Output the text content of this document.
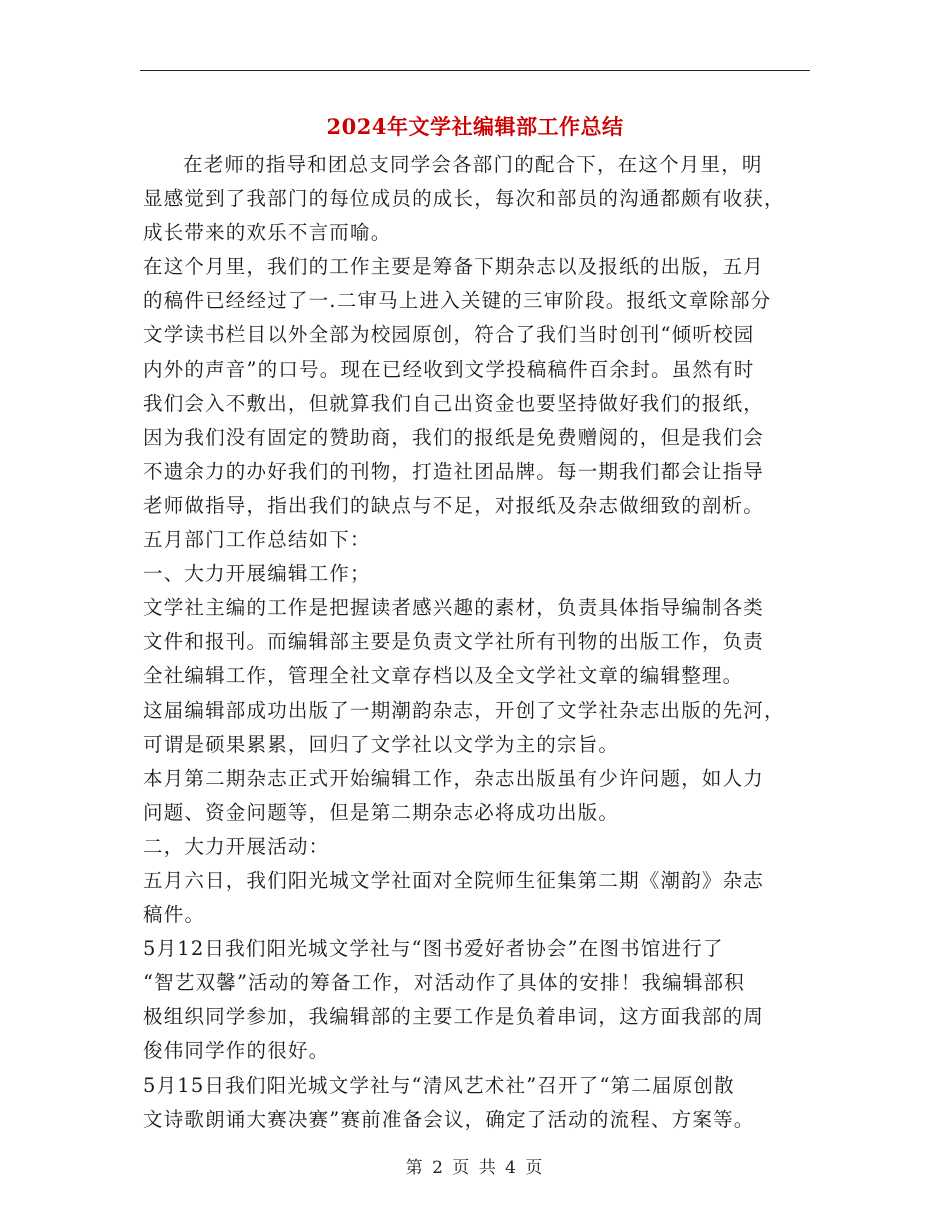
2024年文学社编辑部工作总结

在老师的指导和团总支同学会各部门的配合下，在这个月里，明

显感觉到了我部门的每位成员的成长，每次和部员的沟通都颇有收获，

成长带来的欢乐不言而喻。

在这个月里，我们的工作主要是筹备下期杂志以及报纸的出版，五月

的稿件已经经过了一.二审马上进入关键的三审阶段。报纸文章除部分

文学读书栏目以外全部为校园原创，符合了我们当时创刊“倾听校园

内外的声音”的口号。现在已经收到文学投稿稿件百余封。虽然有时

我们会入不敷出，但就算我们自己出资金也要坚持做好我们的报纸，

因为我们没有固定的赞助商，我们的报纸是免费赠阅的，但是我们会

不遗余力的办好我们的刊物，打造社团品牌。每一期我们都会让指导

老师做指导，指出我们的缺点与不足，对报纸及杂志做细致的剖析。

五月部门工作总结如下：

一、大力开展编辑工作；

文学社主编的工作是把握读者感兴趣的素材，负责具体指导编制各类

文件和报刊。而编辑部主要是负责文学社所有刊物的出版工作，负责

全社编辑工作，管理全社文章存档以及全文学社文章的编辑整理。

这届编辑部成功出版了一期潮韵杂志，开创了文学社杂志出版的先河，

可谓是硕果累累，回归了文学社以文学为主的宗旨。

本月第二期杂志正式开始编辑工作，杂志出版虽有少许问题，如人力

问题、资金问题等，但是第二期杂志必将成功出版。

二，大力开展活动：

五月六日，我们阳光城文学社面对全院师生征集第二期《潮韵》杂志

稿件。

5月12日我们阳光城文学社与“图书爱好者协会”在图书馆进行了

“智艺双馨”活动的筹备工作，对活动作了具体的安排！我编辑部积

极组织同学参加，我编辑部的主要工作是负着串词，这方面我部的周

俊伟同学作的很好。

5月15日我们阳光城文学社与“清风艺术社”召开了“第二届原创散

文诗歌朗诵大赛决赛”赛前准备会议，确定了活动的流程、方案等。

第 2 页 共 4 页
